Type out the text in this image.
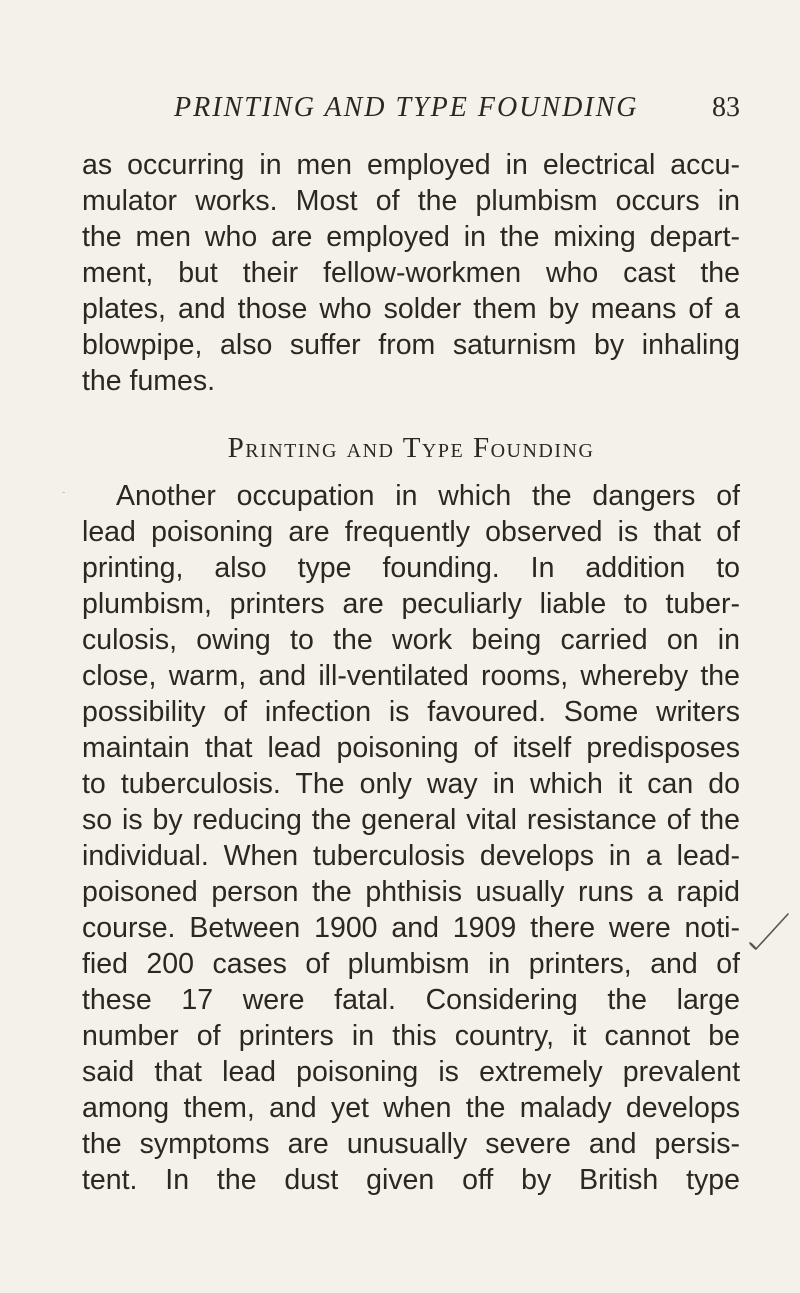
PRINTING AND TYPE FOUNDING	83
as occurring in men employed in electrical accu-
mulator works. Most of the plumbism occurs in
the men who are employed in the mixing depart-
ment, but their fellow-workmen who cast the
plates, and those who solder them by means of a
blowpipe, also suffer from saturnism by inhaling
the fumes.
Printing and Type Founding
Another occupation in which the dangers of
lead poisoning are frequently observed is that of
printing, also type founding. In addition to
plumbism, printers are peculiarly liable to tuber-
culosis, owing to the work being carried on in
close, warm, and ill-ventilated rooms, whereby the
possibility of infection is favoured. Some writers
maintain that lead poisoning of itself predisposes
to tuberculosis. The only way in which it can do
so is by reducing the general vital resistance of the
individual. When tuberculosis develops in a lead-
poisoned person the phthisis usually runs a rapid
course. Between 1900 and 1909 there were noti-
fied 200 cases of plumbism in printers, and of
these 17 were fatal. Considering the large
number of printers in this country, it cannot be
said that lead poisoning is extremely prevalent
among them, and yet when the malady develops
the symptoms are unusually severe and persis-
tent. In the dust given off by British type
